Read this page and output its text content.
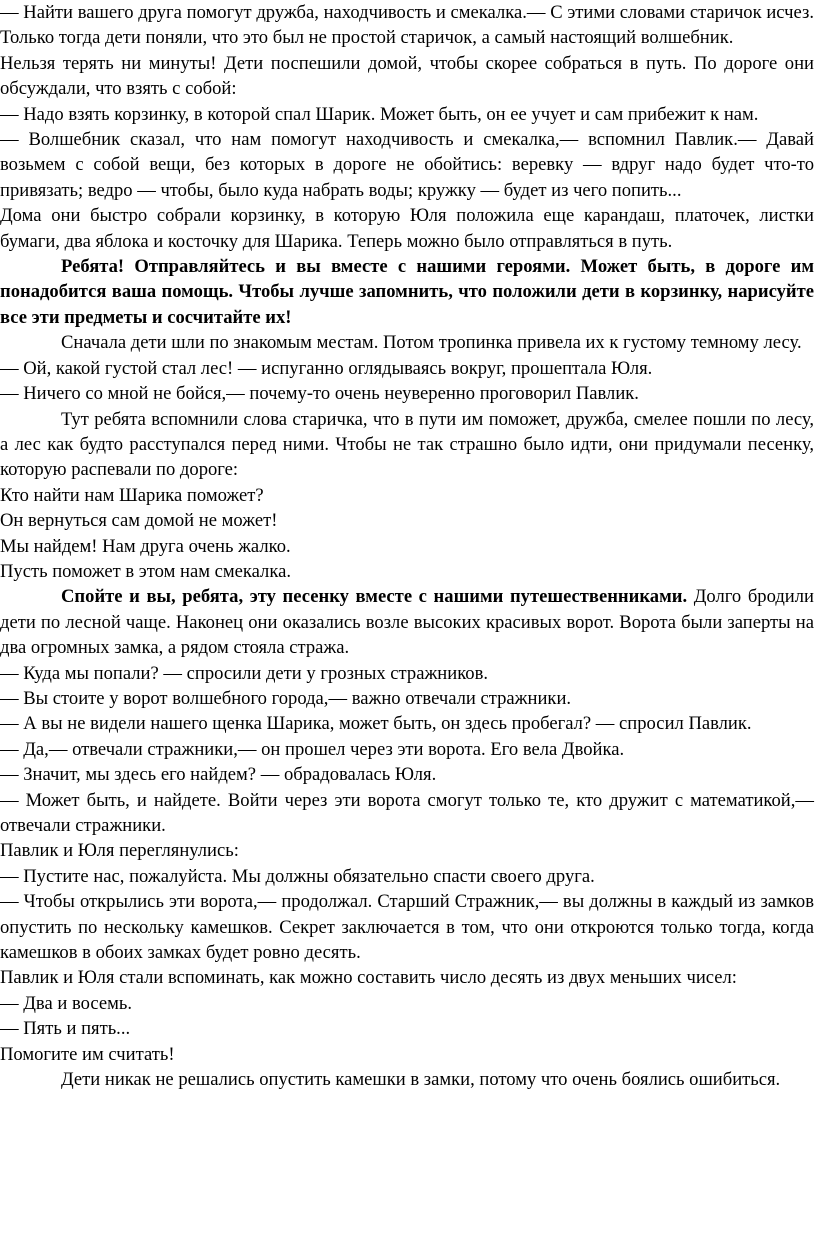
— Найти вашего друга помогут дружба, находчивость и смекалка.— С этими словами старичок исчез. Только тогда дети поняли, что это был не простой старичок, а самый настоящий волшебник.

Нельзя терять ни минуты! Дети поспешили домой, чтобы скорее собраться в путь. По дороге они обсуждали, что взять с собой:

— Надо взять корзинку, в которой спал Шарик. Может быть, он ее учует и сам прибежит к нам.

— Волшебник сказал, что нам помогут находчивость и смекалка,— вспомнил Павлик.— Давай возьмем с собой вещи, без которых в дороге не обойтись: веревку — вдруг надо будет что-то привязать; ведро — чтобы, было куда набрать воды; кружку — будет из чего попить...

Дома они быстро собрали корзинку, в которую Юля положила еще карандаш, платочек, листки бумаги, два яблока и косточку для Шарика. Теперь можно было отправляться в путь.

Ребята! Отправляйтесь и вы вместе с нашими героями. Может быть, в дороге им понадобится ваша помощь. Чтобы лучше запомнить, что положили дети в корзинку, нарисуйте все эти предметы и сосчитайте их!

Сначала дети шли по знакомым местам. Потом тропинка привела их к густому темному лесу.

— Ой, какой густой стал лес! — испуганно оглядываясь вокруг, прошептала Юля.

— Ничего со мной не бойся,— почему-то очень неуверенно проговорил Павлик.

Тут ребята вспомнили слова старичка, что в пути им поможет, дружба, смелее пошли по лесу, а лес как будто расступался перед ними. Чтобы не так страшно было идти, они придумали песенку, которую распевали по дороге:

Кто найти нам Шарика поможет?

Он вернуться сам домой не может!

Мы найдем! Нам друга очень жалко.

Пусть поможет в этом нам смекалка.

Спойте и вы, ребята, эту песенку вместе с нашими путешественниками. Долго бродили дети по лесной чаще. Наконец они оказались возле высоких красивых ворот. Ворота были заперты на два огромных замка, а рядом стояла стража.

— Куда мы попали? — спросили дети у грозных стражников.

— Вы стоите у ворот волшебного города,— важно отвечали стражники.

— А вы не видели нашего щенка Шарика, может быть, он здесь пробегал? — спросил Павлик.

— Да,— отвечали стражники,— он прошел через эти ворота. Его вела Двойка.

— Значит, мы здесь его найдем? — обрадовалась Юля.

— Может быть, и найдете. Войти через эти ворота смогут только те, кто дружит с математикой,— отвечали стражники.

Павлик и Юля переглянулись:

— Пустите нас, пожалуйста. Мы должны обязательно спасти своего друга.

— Чтобы открылись эти ворота,— продолжал. Старший Стражник,— вы должны в каждый из замков опустить по нескольку камешков. Секрет заключается в том, что они откроются только тогда, когда камешков в обоих замках будет ровно десять.

Павлик и Юля стали вспоминать, как можно составить число десять из двух меньших чисел:

— Два и восемь.

— Пять и пять...

Помогите им считать!

Дети никак не решались опустить камешки в замки, потому что очень боялись ошибиться.
